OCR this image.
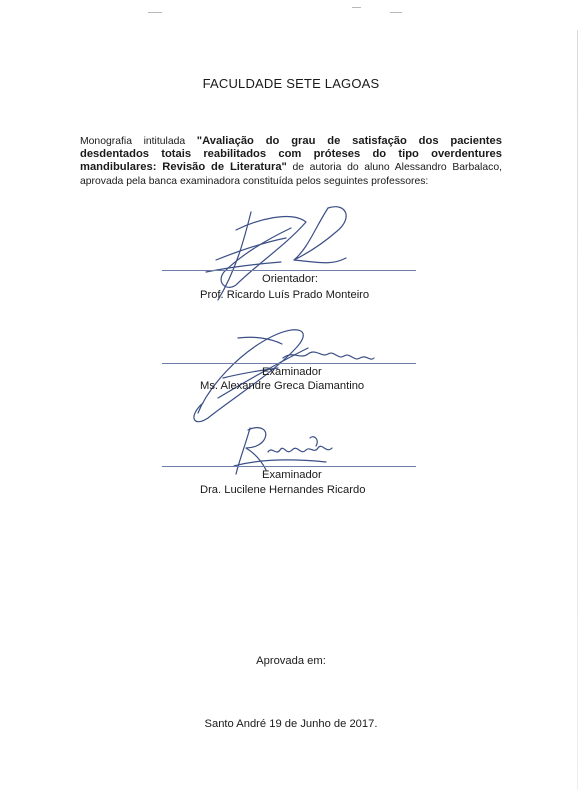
FACULDADE SETE LAGOAS

Monografia intitulada "Avaliação do grau de satisfação dos pacientes desdentados totais reabilitados com próteses do tipo overdentures mandibulares: Revisão de Literatura" de autoria do aluno Alessandro Barbalaco, aprovada pela banca examinadora constituída pelos seguintes professores:

Orientador:
Prof. Ricardo Luís Prado Monteiro
Examinador
Ms. Alexandre Greca Diamantino
Examinador
Dra. Lucilene Hernandes Ricardo
Aprovada em:
Santo André 19 de Junho de 2017.
